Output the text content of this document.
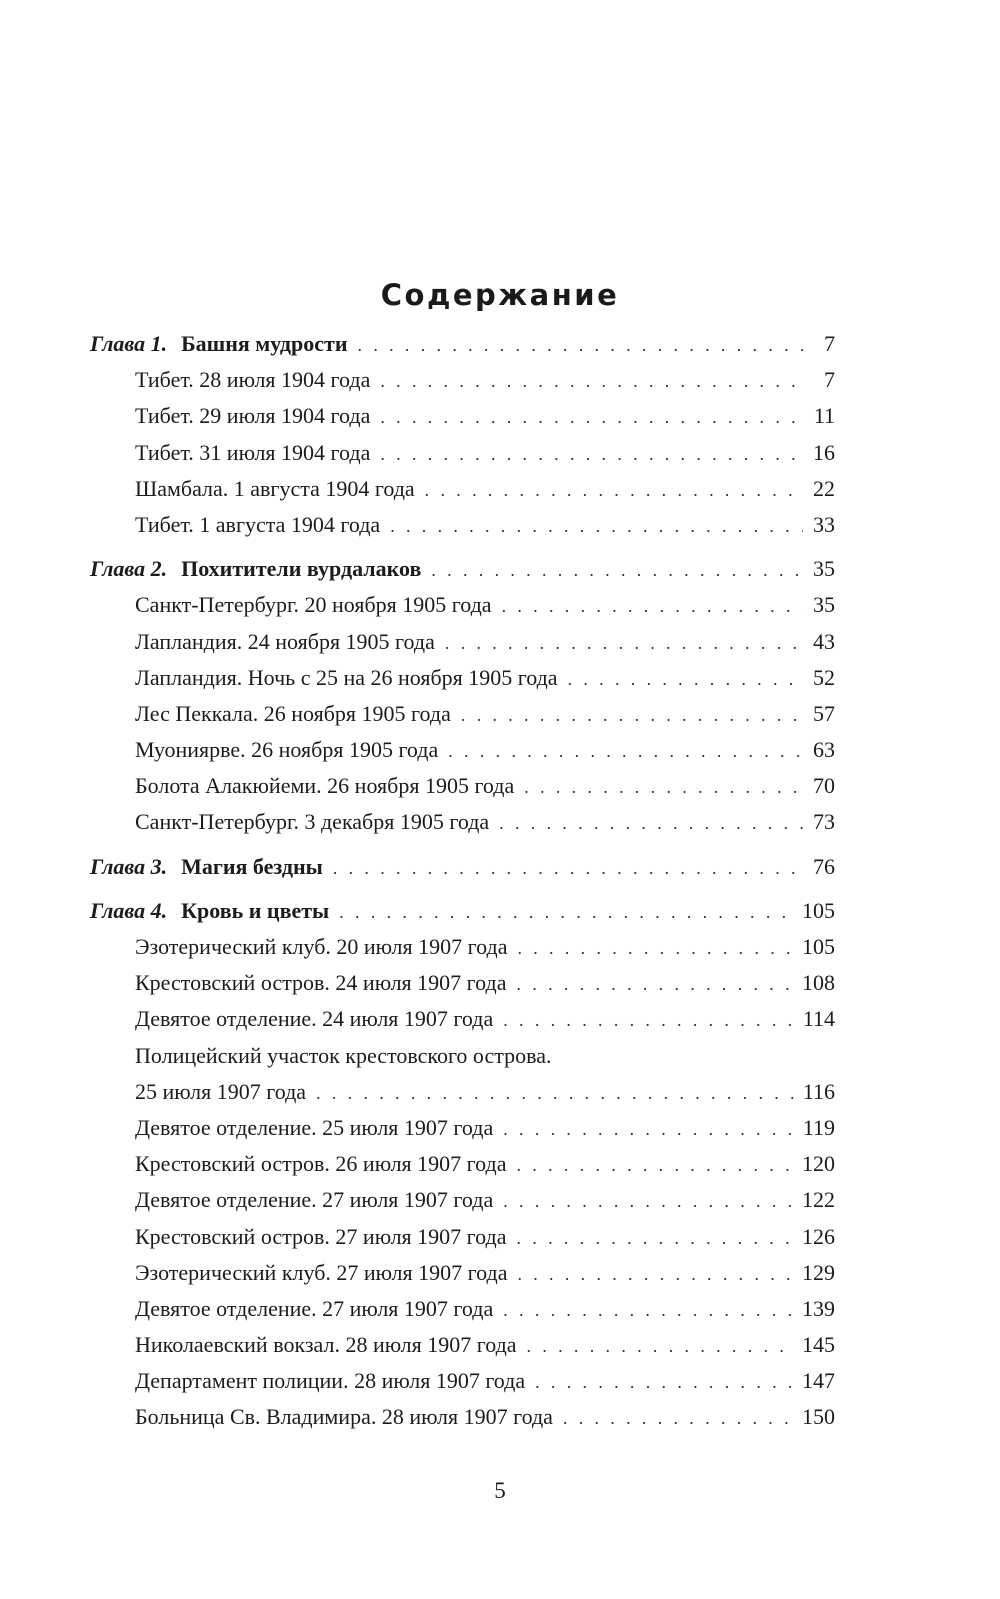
Содержание
Глава 1. Башня мудрости . . .	7
Тибет. 28 июля 1904 года . . .	7
Тибет. 29 июля 1904 года . . .	11
Тибет. 31 июля 1904 года . . .	16
Шамбала. 1 августа 1904 года . . .	22
Тибет. 1 августа 1904 года . . .	33
Глава 2. Похитители вурдалаков . . .	35
Санкт-Петербург. 20 ноября 1905 года . . .	35
Лапландия. 24 ноября 1905 года . . .	43
Лапландия. Ночь с 25 на 26 ноября 1905 года . . .	52
Лес Пеккала. 26 ноября 1905 года . . .	57
Муониярве. 26 ноября 1905 года . . .	63
Болота Алакюйеми. 26 ноября 1905 года . . .	70
Санкт-Петербург. 3 декабря 1905 года . . .	73
Глава 3. Магия бездны . . .	76
Глава 4. Кровь и цветы . . .	105
Эзотерический клуб. 20 июля 1907 года . . .	105
Крестовский остров. 24 июля 1907 года . . .	108
Девятое отделение. 24 июля 1907 года . . .	114
Полицейский участок крестовского острова.
25 июля 1907 года . . .	116
Девятое отделение. 25 июля 1907 года . . .	119
Крестовский остров. 26 июля 1907 года . . .	120
Девятое отделение. 27 июля 1907 года . . .	122
Крестовский остров. 27 июля 1907 года . . .	126
Эзотерический клуб. 27 июля 1907 года . . .	129
Девятое отделение. 27 июля 1907 года . . .	139
Николаевский вокзал. 28 июля 1907 года . . .	145
Департамент полиции. 28 июля 1907 года . . .	147
Больница Св. Владимира. 28 июля 1907 года . . .	150
5
